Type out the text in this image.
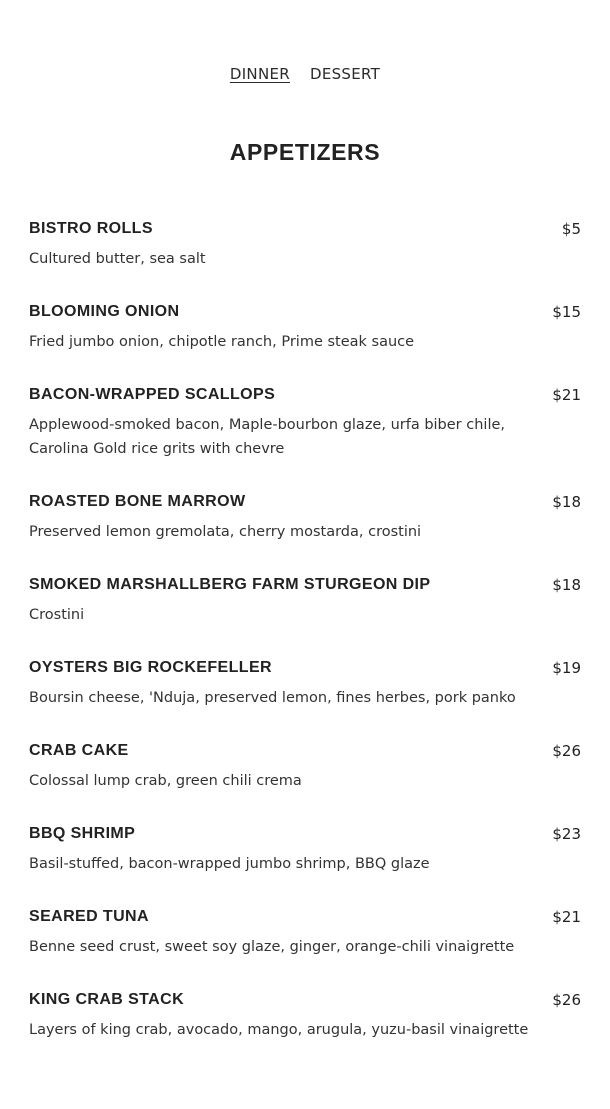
DINNER DESSERT
APPETIZERS
BISTRO ROLLS	$5
Cultured butter, sea salt
BLOOMING ONION	$15
Fried jumbo onion, chipotle ranch, Prime steak sauce
BACON-WRAPPED SCALLOPS	$21
Applewood-smoked bacon, Maple-bourbon glaze, urfa biber chile, Carolina Gold rice grits with chevre
ROASTED BONE MARROW	$18
Preserved lemon gremolata, cherry mostarda, crostini
SMOKED MARSHALLBERG FARM STURGEON DIP	$18
Crostini
OYSTERS BIG ROCKEFELLER	$19
Boursin cheese, 'Nduja, preserved lemon, fines herbes, pork panko
CRAB CAKE	$26
Colossal lump crab, green chili crema
BBQ SHRIMP	$23
Basil-stuffed, bacon-wrapped jumbo shrimp, BBQ glaze
SEARED TUNA	$21
Benne seed crust, sweet soy glaze, ginger, orange-chili vinaigrette
KING CRAB STACK	$26
Layers of king crab, avocado, mango, arugula, yuzu-basil vinaigrette
